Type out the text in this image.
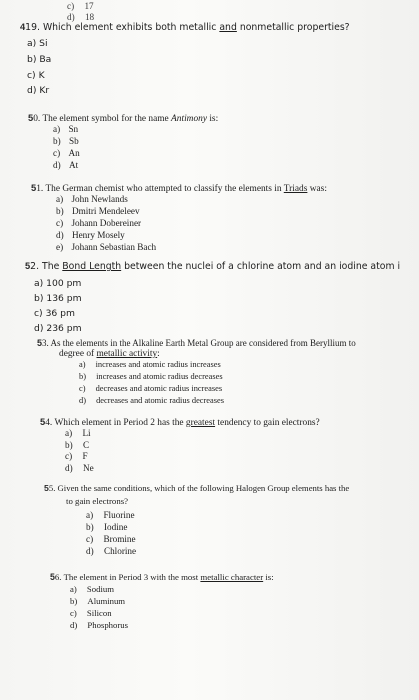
c) 17
d) 18
419. Which element exhibits both metallic and nonmetallic properties?
a) Si
b) Ba
c) K
d) Kr
50. The element symbol for the name Antimony is:
a) Sn
b) Sb
c) An
d) At
51. The German chemist who attempted to classify the elements in Triads was:
a) John Newlands
b) Dmitri Mendeleev
c) Johann Dobereiner
d) Henry Mosely
e) Johann Sebastian Bach
52. The Bond Length between the nuclei of a chlorine atom and an iodine atom i
a) 100 pm
b) 136 pm
c) 36 pm
d) 236 pm
53. As the elements in the Alkaline Earth Metal Group are considered from Beryllium to
degree of metallic activity:
a) increases and atomic radius increases
b) increases and atomic radius decreases
c) decreases and atomic radius increases
d) decreases and atomic radius decreases
54. Which element in Period 2 has the greatest tendency to gain electrons?
a) Li
b) C
c) F
d) Ne
55. Given the same conditions, which of the following Halogen Group elements has the
to gain electrons?
a) Fluorine
b) Iodine
c) Bromine
d) Chlorine
56. The element in Period 3 with the most metallic character is:
a) Sodium
b) Aluminum
c) Silicon
d) Phosphorus
